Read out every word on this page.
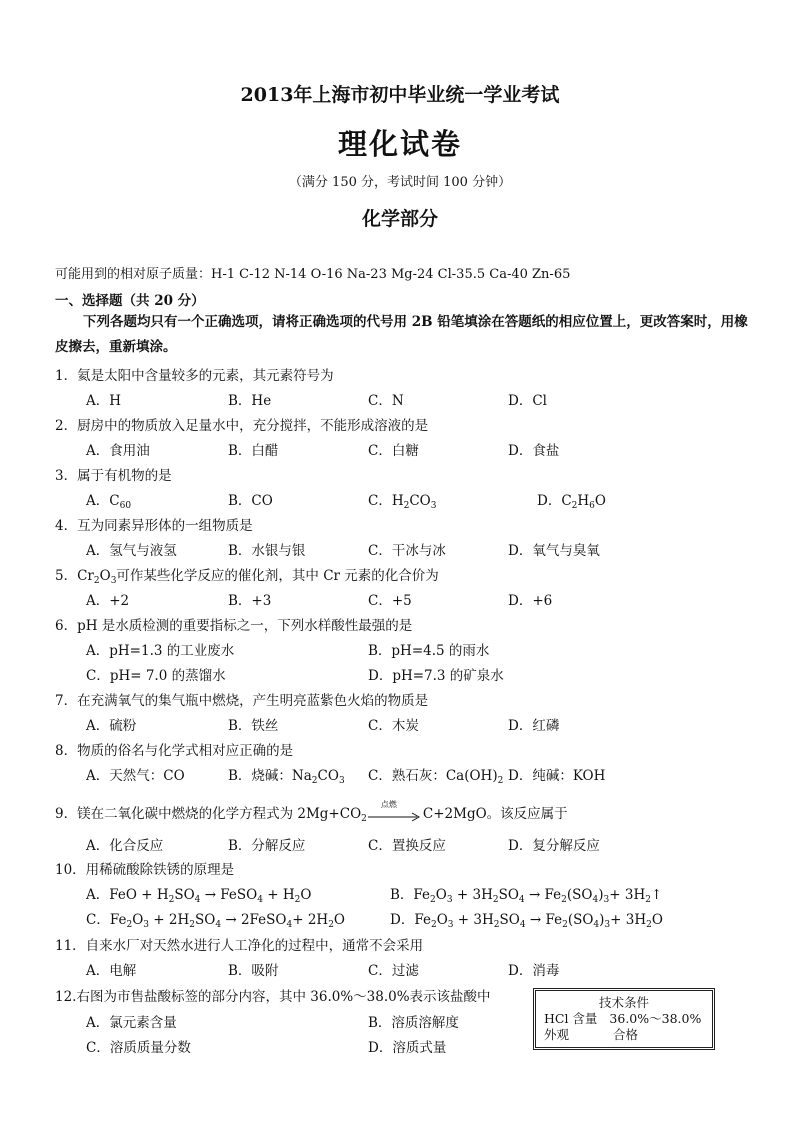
2013年上海市初中毕业统一学业考试
理化试卷
（满分 150 分，考试时间 100 分钟）
化学部分
可能用到的相对原子质量：H-1 C-12 N-14 O-16 Na-23 Mg-24 Cl-35.5 Ca-40 Zn-65
一、选择题（共 20 分）
下列各题均只有一个正确选项，请将正确选项的代号用 2B 铅笔填涂在答题纸的相应位置上，更改答案时，用橡皮擦去，重新填涂。
1．氦是太阳中含量较多的元素，其元素符号为
A．H	B．He	C．N	D．Cl
2．厨房中的物质放入足量水中，充分搅拌，不能形成溶液的是
A．食用油	B．白醋	C．白糖	D．食盐
3．属于有机物的是
A．$C_{60}$	B．CO	C．$H_2CO_3$	D．$C_2H_6O$
4．互为同素异形体的一组物质是
A．氢气与液氢	B．水银与银	C．干冰与冰	D．氧气与臭氧
5．$Cr_2O_3$可作某些化学反应的催化剂，其中 Cr 元素的化合价为
A．+2	B．+3	C．+5	D．+6
6．pH 是水质检测的重要指标之一，下列水样酸性最强的是
A．pH=1.3 的工业废水	B．pH=4.5 的雨水
C．pH= 7.0 的蒸馏水	D．pH=7.3 的矿泉水
7．在充满氧气的集气瓶中燃烧，产生明亮蓝紫色火焰的物质是
A．硫粉	B．铁丝	C．木炭	D．红磷
8．物质的俗名与化学式相对应正确的是
A．天然气：CO	B．烧碱：$Na_2CO_3$ C．熟石灰：$Ca(OH)_2$ D．纯碱：KOH
9．镁在二氧化碳中燃烧的化学方程式为 $2Mg+CO_2$
点燃
C+2MgO。该反应属于
A．化合反应	B．分解反应	C．置换反应	D．复分解反应
10．用稀硫酸除铁锈的原理是
A．FeO + $H_2SO_4$ → FeSO$_4$ + $H_2O$	B．$Fe_2O_3 + 3H_2SO_4 \to Fe_2(SO_4)_3+$ $3H_2↑$
C．$Fe_2O_3 + 2H_2SO_4$ → 2FeSO$_4$+ $2H_2O$	D．$Fe_2O_3 + 3H_2SO_4 \to Fe_2(SO_4)_3+ 3H_2O$
11．自来水厂对天然水进行人工净化的过程中，通常不会采用
A．电解	B．吸附	C．过滤	D．消毒
12.右图为市售盐酸标签的部分内容，其中 36.0%～38.0%表示该盐酸中
A．氯元素含量	B．溶质溶解度
C．溶质质量分数	D．溶质式量
技术条件
HCl 含量 36.0%～38.0%
外观	合格
